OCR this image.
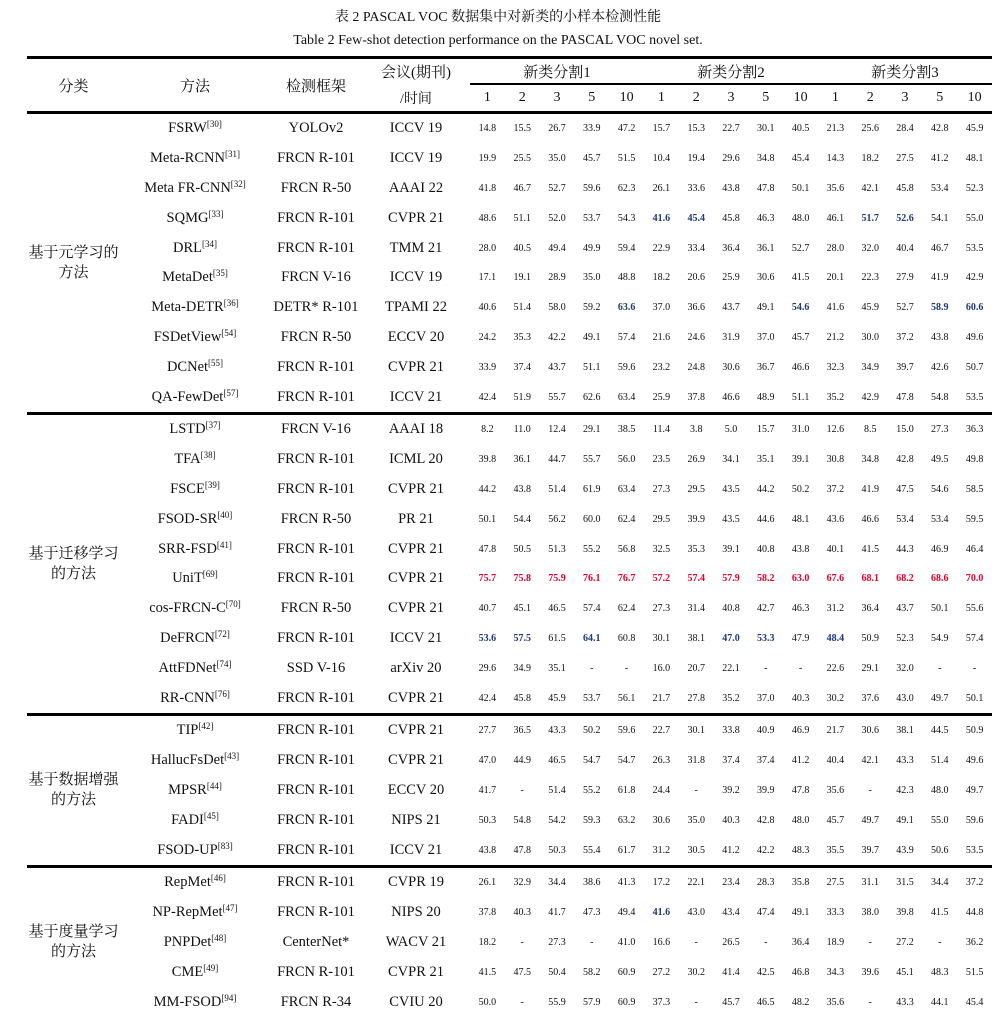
表 2 PASCAL VOC 数据集中对新类的小样本检测性能
Table 2 Few-shot detection performance on the PASCAL VOC novel set.
分类	方法	检测框架	会议(期刊)	新类分割1					新类分割2					新类分割3				
			/时间	1	2	3	5	10	1	2	3	5	10	1	2	3	5	10

基于元学习的
方法	FSRW[30]	YOLOv2	ICCV 19	14.8	15.5	26.7	33.9	47.2	15.7	15.3	22.7	30.1	40.5	21.3	25.6	28.4	42.8	45.9
	Meta-RCNN[31]	FRCN R-101	ICCV 19	19.9	25.5	35.0	45.7	51.5	10.4	19.4	29.6	34.8	45.4	14.3	18.2	27.5	41.2	48.1
	Meta FR-CNN[32]	FRCN R-50	AAAI 22	41.8	46.7	52.7	59.6	62.3	26.1	33.6	43.8	47.8	50.1	35.6	42.1	45.8	53.4	52.3
	SQMG[33]	FRCN R-101	CVPR 21	48.6	51.1	52.0	53.7	54.3	41.6	45.4	45.8	46.3	48.0	46.1	51.7	52.6	54.1	55.0
	DRL[34]	FRCN R-101	TMM 21	28.0	40.5	49.4	49.9	59.4	22.9	33.4	36.4	36.1	52.7	28.0	32.0	40.4	46.7	53.5
	MetaDet[35]	FRCN V-16	ICCV 19	17.1	19.1	28.9	35.0	48.8	18.2	20.6	25.9	30.6	41.5	20.1	22.3	27.9	41.9	42.9
	Meta-DETR[36]	DETR* R-101	TPAMI 22	40.6	51.4	58.0	59.2	63.6	37.0	36.6	43.7	49.1	54.6	41.6	45.9	52.7	58.9	60.6
	FSDetView[54]	FRCN R-50	ECCV 20	24.2	35.3	42.2	49.1	57.4	21.6	24.6	31.9	37.0	45.7	21.2	30.0	37.2	43.8	49.6
	DCNet[55]	FRCN R-101	CVPR 21	33.9	37.4	43.7	51.1	59.6	23.2	24.8	30.6	36.7	46.6	32.3	34.9	39.7	42.6	50.7
	QA-FewDet[57]	FRCN R-101	ICCV 21	42.4	51.9	55.7	62.6	63.4	25.9	37.8	46.6	48.9	51.1	35.2	42.9	47.8	54.8	53.5

基于迁移学习
的方法	LSTD[37]	FRCN V-16	AAAI 18	8.2	11.0	12.4	29.1	38.5	11.4	3.8	5.0	15.7	31.0	12.6	8.5	15.0	27.3	36.3
	TFA[38]	FRCN R-101	ICML 20	39.8	36.1	44.7	55.7	56.0	23.5	26.9	34.1	35.1	39.1	30.8	34.8	42.8	49.5	49.8
	FSCE[39]	FRCN R-101	CVPR 21	44.2	43.8	51.4	61.9	63.4	27.3	29.5	43.5	44.2	50.2	37.2	41.9	47.5	54.6	58.5
	FSOD-SR[40]	FRCN R-50	PR 21	50.1	54.4	56.2	60.0	62.4	29.5	39.9	43.5	44.6	48.1	43.6	46.6	53.4	53.4	59.5
	SRR-FSD[41]	FRCN R-101	CVPR 21	47.8	50.5	51.3	55.2	56.8	32.5	35.3	39.1	40.8	43.8	40.1	41.5	44.3	46.9	46.4
	UniT[69]	FRCN R-101	CVPR 21	75.7	75.8	75.9	76.1	76.7	57.2	57.4	57.9	58.2	63.0	67.6	68.1	68.2	68.6	70.0
	cos-FRCN-C[70]	FRCN R-50	CVPR 21	40.7	45.1	46.5	57.4	62.4	27.3	31.4	40.8	42.7	46.3	31.2	36.4	43.7	50.1	55.6
	DeFRCN[72]	FRCN R-101	ICCV 21	53.6	57.5	61.5	64.1	60.8	30.1	38.1	47.0	53.3	47.9	48.4	50.9	52.3	54.9	57.4
	AttFDNet[74]	SSD V-16	arXiv 20	29.6	34.9	35.1	-	-	16.0	20.7	22.1	-	-	22.6	29.1	32.0	-	-
	RR-CNN[76]	FRCN R-101	CVPR 21	42.4	45.8	45.9	53.7	56.1	21.7	27.8	35.2	37.0	40.3	30.2	37.6	43.0	49.7	50.1

基于数据增强
的方法	TIP[42]	FRCN R-101	CVPR 21	27.7	36.5	43.3	50.2	59.6	22.7	30.1	33.8	40.9	46.9	21.7	30.6	38.1	44.5	50.9
	HallucFsDet[43]	FRCN R-101	CVPR 21	47.0	44.9	46.5	54.7	54.7	26.3	31.8	37.4	37.4	41.2	40.4	42.1	43.3	51.4	49.6
	MPSR[44]	FRCN R-101	ECCV 20	41.7	-	51.4	55.2	61.8	24.4	-	39.2	39.9	47.8	35.6	-	42.3	48.0	49.7
	FADI[45]	FRCN R-101	NIPS 21	50.3	54.8	54.2	59.3	63.2	30.6	35.0	40.3	42.8	48.0	45.7	49.7	49.1	55.0	59.6
	FSOD-UP[83]	FRCN R-101	ICCV 21	43.8	47.8	50.3	55.4	61.7	31.2	30.5	41.2	42.2	48.3	35.5	39.7	43.9	50.6	53.5

基于度量学习
的方法	RepMet[46]	FRCN R-101	CVPR 19	26.1	32.9	34.4	38.6	41.3	17.2	22.1	23.4	28.3	35.8	27.5	31.1	31.5	34.4	37.2
	NP-RepMet[47]	FRCN R-101	NIPS 20	37.8	40.3	41.7	47.3	49.4	41.6	43.0	43.4	47.4	49.1	33.3	38.0	39.8	41.5	44.8
	PNPDet[48]	CenterNet*	WACV 21	18.2	-	27.3	-	41.0	16.6	-	26.5	-	36.4	18.9	-	27.2	-	36.2
	CME[49]	FRCN R-101	CVPR 21	41.5	47.5	50.4	58.2	60.9	27.2	30.2	41.4	42.5	46.8	34.3	39.6	45.1	48.3	51.5
	MM-FSOD[94]	FRCN R-34	CVIU 20	50.0	-	55.9	57.9	60.9	37.3	-	45.7	46.5	48.2	35.6	-	43.3	44.1	45.4
